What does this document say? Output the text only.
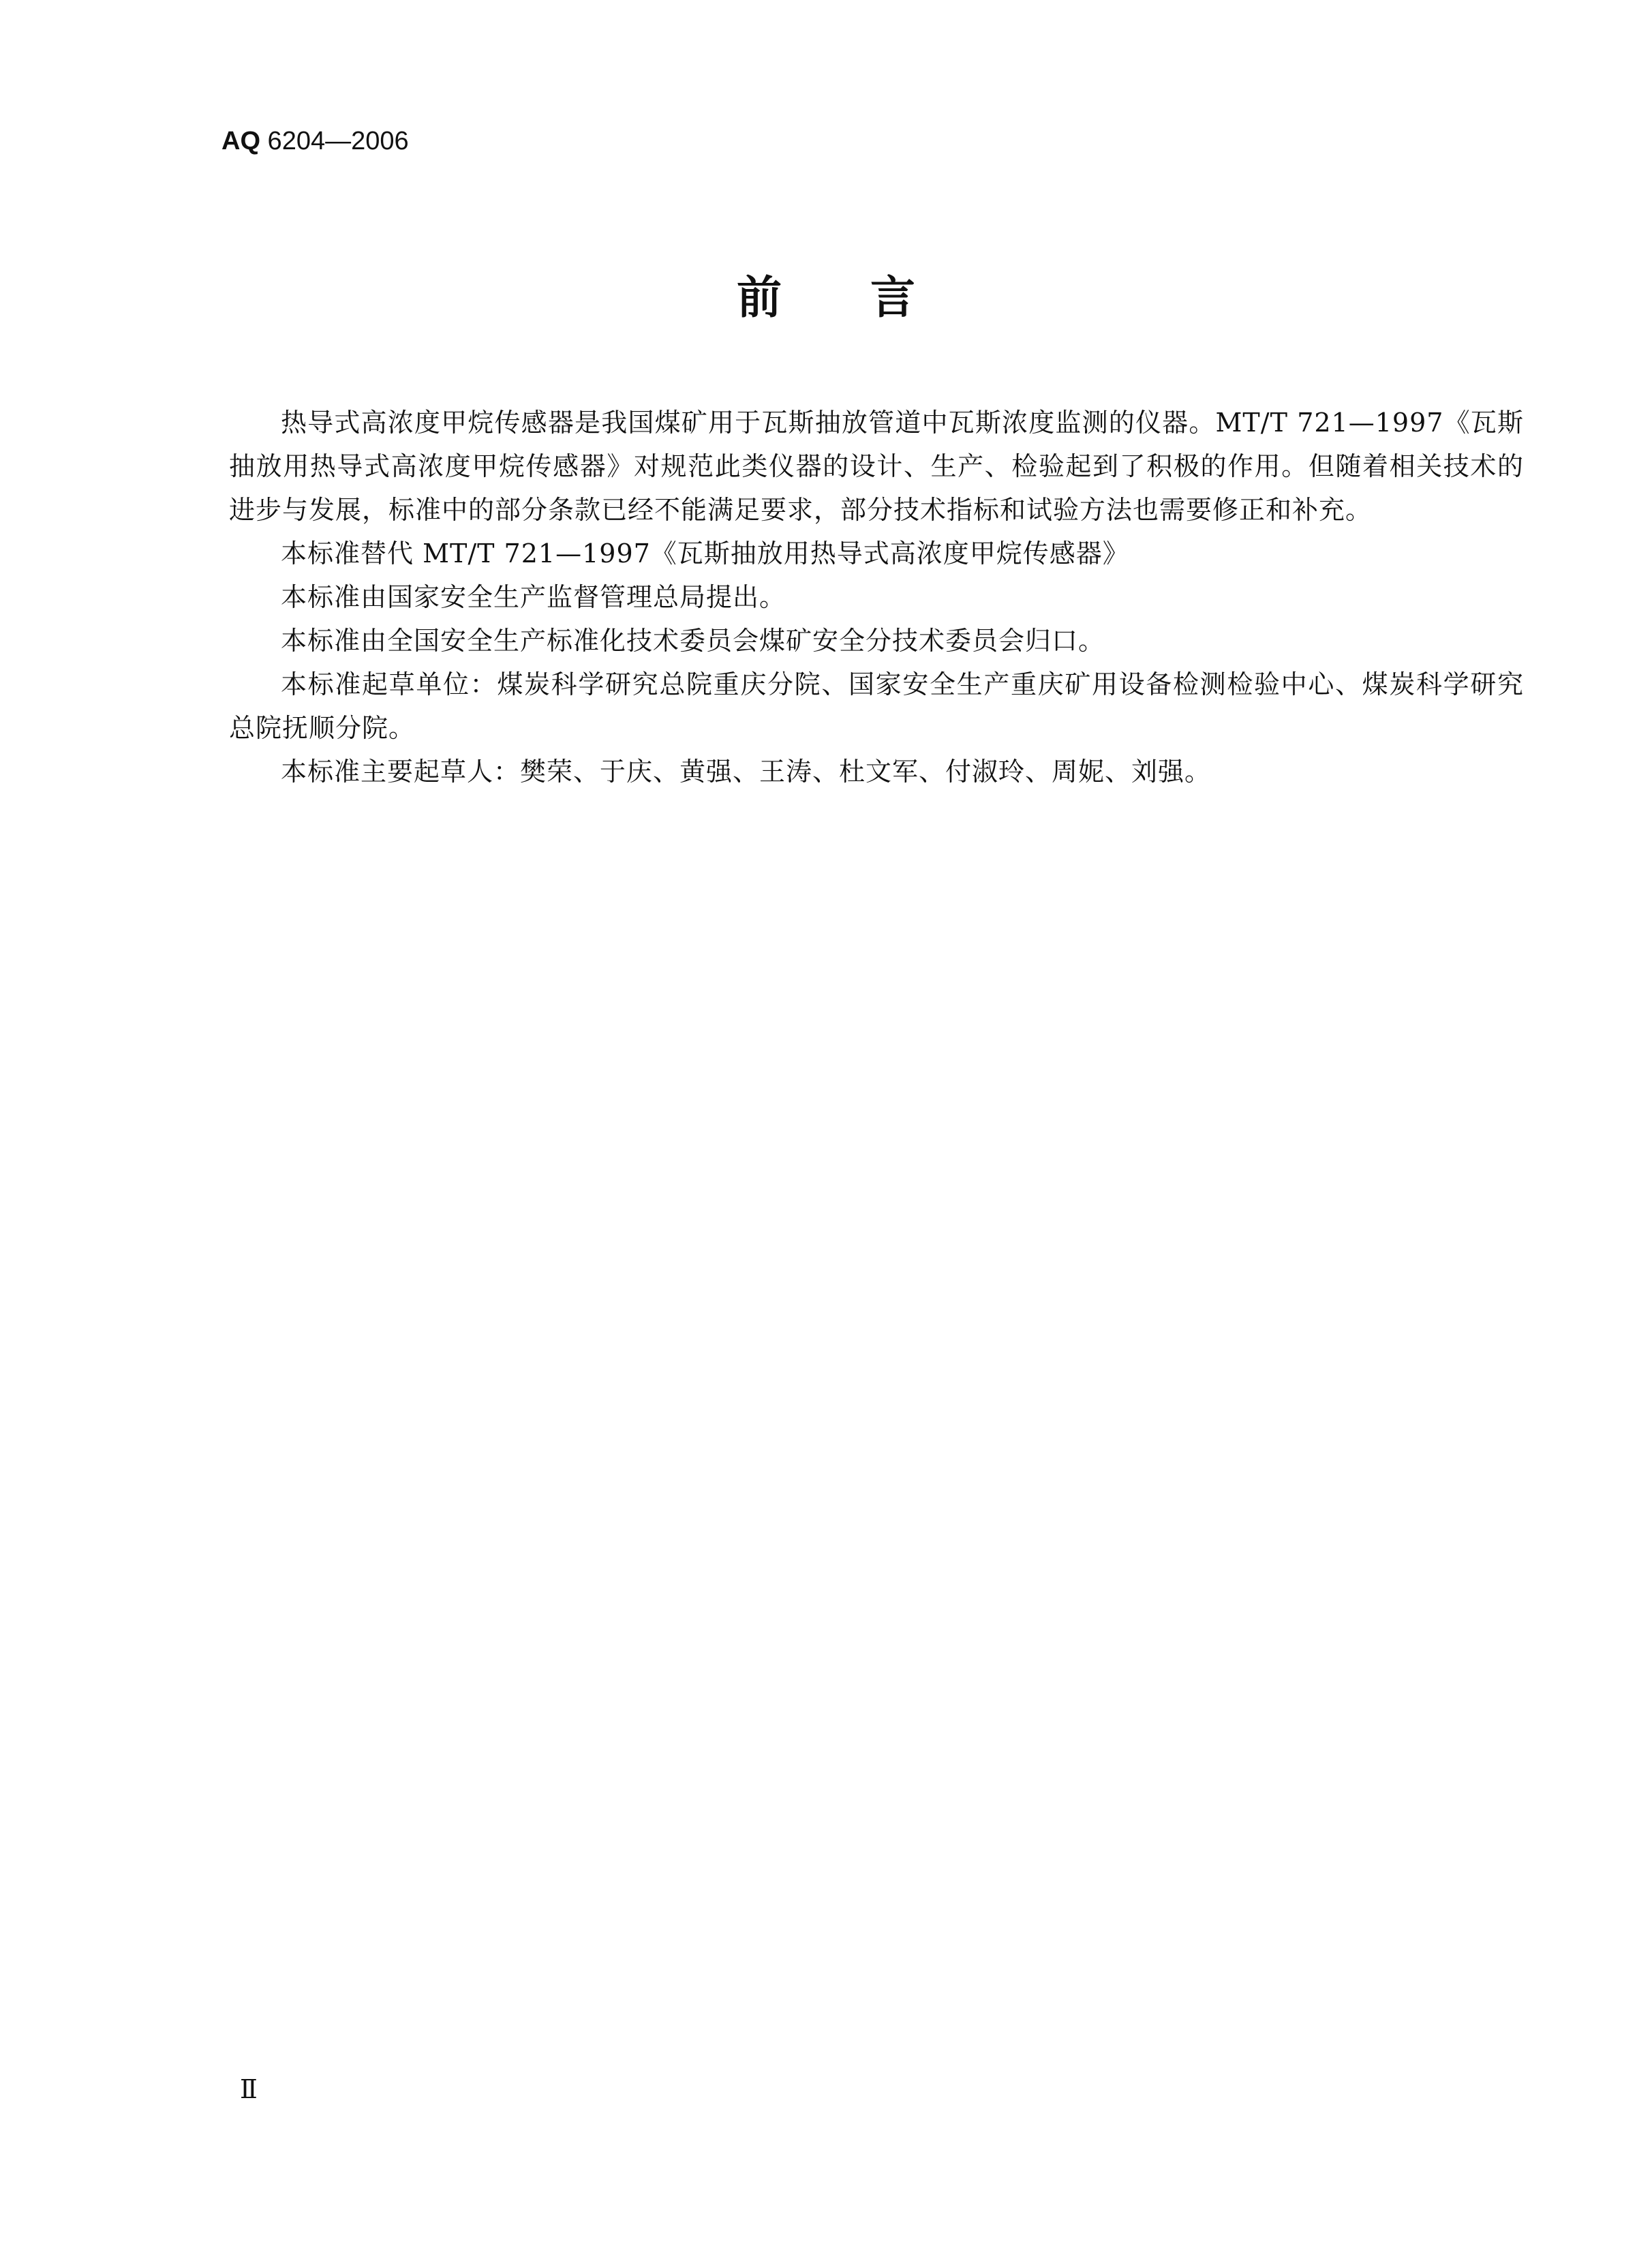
AQ 6204—2006
前言

热导式高浓度甲烷传感器是我国煤矿用于瓦斯抽放管道中瓦斯浓度监测的仪器。MT/T 721—1997《瓦斯抽放用热导式高浓度甲烷传感器》对规范此类仪器的设计、生产、检验起到了积极的作用。但随着相关技术的进步与发展，标准中的部分条款已经不能满足要求，部分技术指标和试验方法也需要修正和补充。

本标准替代 MT/T 721—1997《瓦斯抽放用热导式高浓度甲烷传感器》

本标准由国家安全生产监督管理总局提出。

本标准由全国安全生产标准化技术委员会煤矿安全分技术委员会归口。

本标准起草单位：煤炭科学研究总院重庆分院、国家安全生产重庆矿用设备检测检验中心、煤炭科学研究总院抚顺分院。

本标准主要起草人：樊荣、于庆、黄强、王涛、杜文军、付淑玲、周妮、刘强。

Ⅱ
